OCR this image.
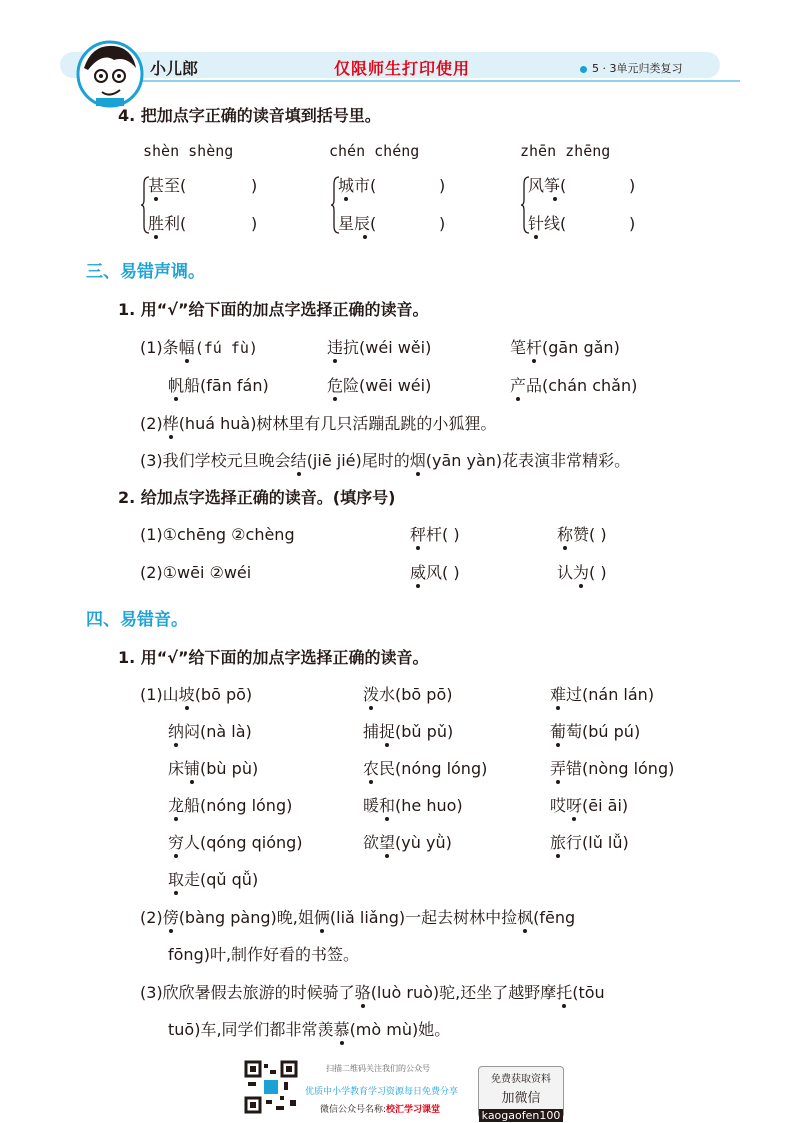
小儿郎	仅限师生打印使用	5 · 3单元归类复习
4. 把加点字正确的读音填到括号里。
shèn shèng	chén chéng	zhēn zhēng
甚至(	)
胜利(	)
城市(	)
星辰(	)
风筝(	)
针线(	)
三、易错声调。
1. 用“√”给下面的加点字选择正确的读音。
(1)条幅(fú fù)	违抗(wéi wěi)	笔杆(gān gǎn)
帆船(fān fán)	危险(wēi wéi)	产品(chán chǎn)
(2)桦(huá huà)树林里有几只活蹦乱跳的小狐狸。
(3)我们学校元旦晚会结(jiē jié)尾时的烟(yān yàn)花表演非常精彩。
2. 给加点字选择正确的读音。(填序号)
(1)①chēng ②chèng	秤杆( )	称赞( )
(2)①wēi ②wéi	威风( )	认为( )
四、易错音。
1. 用“√”给下面的加点字选择正确的读音。
(1)山坡(bō pō)	泼水(bō pō)	难过(nán lán)
纳闷(nà là)	捕捉(bǔ pǔ)	葡萄(bú pú)
床铺(bù pù)	农民(nóng lóng)	弄错(nòng lóng)
龙船(nóng lóng)	暖和(he huo)	哎呀(ēi āi)
穷人(qóng qióng)	欲望(yù yǜ)	旅行(lǔ lǚ)
取走(qǔ qǚ)
(2)傍(bàng pàng)晚,姐俩(liǎ liǎng)一起去树林中捡枫(fēng
fōng)叶,制作好看的书签。
(3)欣欣暑假去旅游的时候骑了骆(luò ruò)驼,还坐了越野摩托(tōu
tuō)车,同学们都非常羡慕(mò mù)她。
扫描二维码关注我们的公众号
优质中小学教育学习资源每日免费分享
微信公众号名称:校汇学习课堂
免费获取资料
加微信
kaogaofen100
